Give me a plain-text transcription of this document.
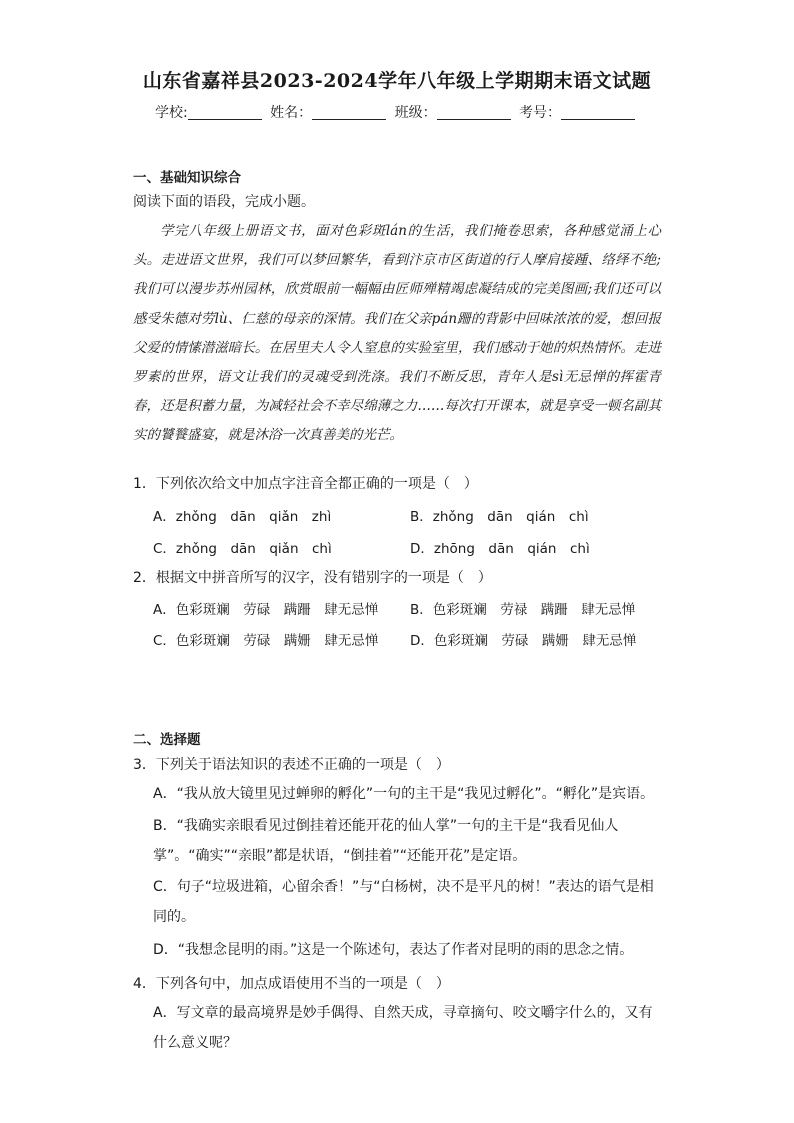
山东省嘉祥县2023-2024学年八年级上学期期末语文试题
学校:	姓名：	班级：	考号：
一、基础知识综合
阅读下面的语段，完成小题。
学完八年级上册语文书，面对色彩斑lán的生活，我们掩卷思索，各种感觉涌上心头。走进语文世界，我们可以梦回繁华，看到汴京市区街道的行人摩肩接踵、络绎不绝;我们可以漫步苏州园林，欣赏眼前一幅幅由匠师殚精竭虑凝结成的完美图画;我们还可以感受朱德对劳lù、仁慈的母亲的深情。我们在父亲pán跚的背影中回味浓浓的爱，想回报父爱的情愫潜滋暗长。在居里夫人令人窒息的实验室里，我们感动于她的炽热情怀。走进罗素的世界，语文让我们的灵魂受到洗涤。我们不断反思，青年人是sì无忌惮的挥霍青春，还是积蓄力量，为减轻社会不幸尽绵薄之力……每次打开课本，就是享受一顿名副其实的饕餮盛宴，就是沐浴一次真善美的光芒。
1．下列依次给文中加点字注音全都正确的一项是（　）
A．zhǒng　dān　qiǎn　zhì	B．zhǒng　dān　qián　chì
C．zhǒng　dān　qiǎn　chì	D．zhōng　dān　qián　chì
2．根据文中拼音所写的汉字，没有错别字的一项是（　）
A．色彩斑斓　劳碌　蹒跚　肆无忌惮 B．色彩斑斓　劳禄　蹒跚　肆无忌惮
C．色彩斑斓　劳碌　蹒姗　肆无忌惮 D．色彩斑斓　劳碌　蹒姗　肆无忌惮
二、选择题
3．下列关于语法知识的表述不正确的一项是（　）
A．“我从放大镜里见过蝉卵的孵化”一句的主干是“我见过孵化”。“孵化”是宾语。
B．“我确实亲眼看见过倒挂着还能开花的仙人掌”一句的主干是“我看见仙人掌”。“确实”“亲眼”都是状语，“倒挂着”“还能开花”是定语。
C．句子“垃圾进箱，心留余香！”与“白杨树，决不是平凡的树！”表达的语气是相同的。
D．“我想念昆明的雨。”这是一个陈述句，表达了作者对昆明的雨的思念之情。
4．下列各句中，加点成语使用不当的一项是（　）
A．写文章的最高境界是妙手偶得、自然天成，寻章摘句、咬文嚼字什么的，又有什么意义呢？
